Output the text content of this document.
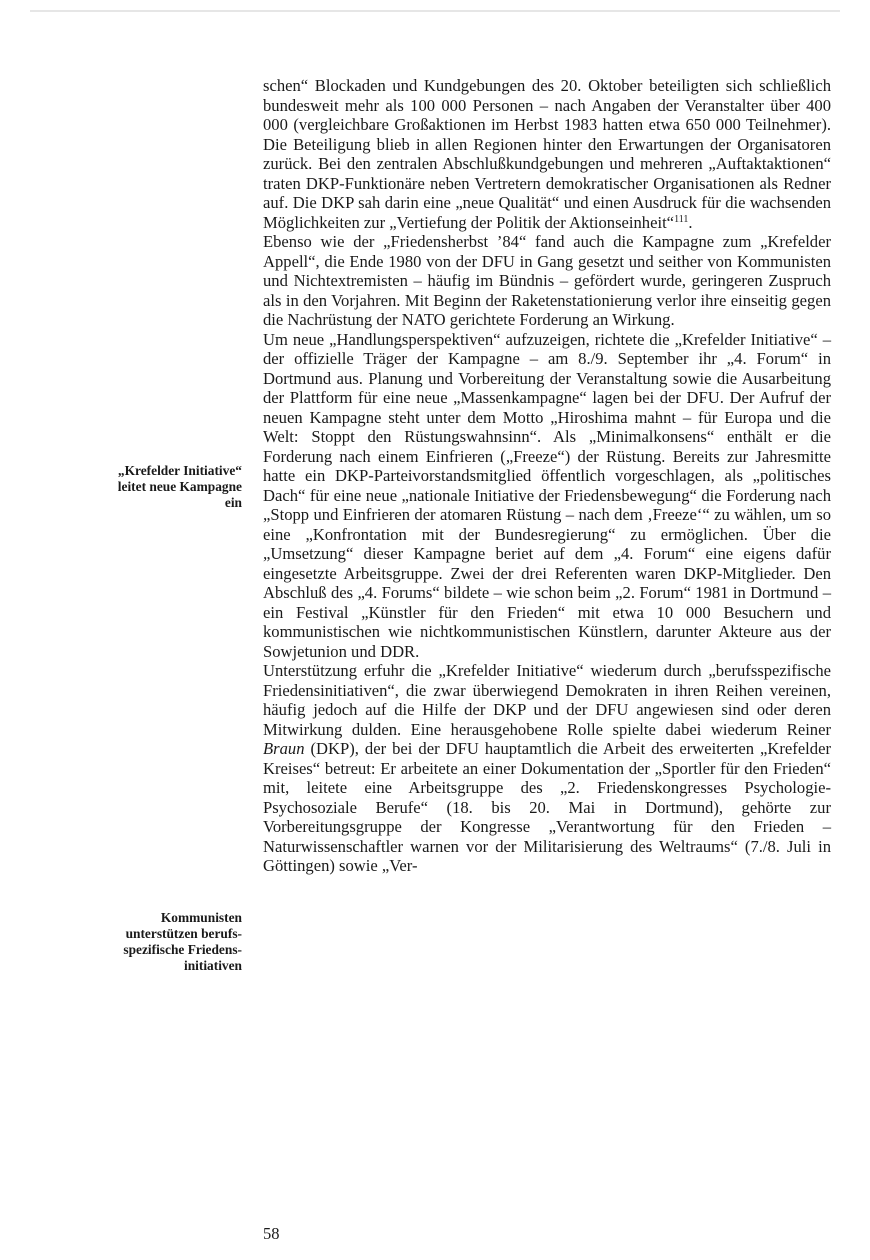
„Krefelder Initiative“
leitet neue Kampagne
ein
Kommunisten
unterstützen berufs-
spezifische Friedens-
initiativen

schen“ Blockaden und Kundgebungen des 20. Oktober beteiligten sich schließlich bundesweit mehr als 100 000 Personen – nach Angaben der Veranstalter über 400 000 (vergleichbare Großaktionen im Herbst 1983 hatten etwa 650 000 Teilnehmer). Die Beteiligung blieb in allen Regionen hinter den Erwartungen der Organisatoren zurück. Bei den zentralen Abschlußkundgebungen und mehreren „Auftaktaktionen“ traten DKP-Funktionäre neben Vertretern demokratischer Organisationen als Redner auf. Die DKP sah darin eine „neue Qualität“ und einen Ausdruck für die wachsenden Möglichkeiten zur „Vertiefung der Politik der Aktionseinheit“$^{111}$.

Ebenso wie der „Friedensherbst ’84“ fand auch die Kampagne zum „Krefelder Appell“, die Ende 1980 von der DFU in Gang gesetzt und seither von Kommunisten und Nichtextremisten – häufig im Bündnis – gefördert wurde, geringeren Zuspruch als in den Vorjahren. Mit Beginn der Raketenstationierung verlor ihre einseitig gegen die Nachrüstung der NATO gerichtete Forderung an Wirkung.

Um neue „Handlungsperspektiven“ aufzuzeigen, richtete die „Krefelder Initiative“ – der offizielle Träger der Kampagne – am 8./9. September ihr „4. Forum“ in Dortmund aus. Planung und Vorbereitung der Veranstaltung sowie die Ausarbeitung der Plattform für eine neue „Massenkampagne“ lagen bei der DFU. Der Aufruf der neuen Kampagne steht unter dem Motto „Hiroshima mahnt – für Europa und die Welt: Stoppt den Rüstungswahnsinn“. Als „Minimalkonsens“ enthält er die Forderung nach einem Einfrieren („Freeze“) der Rüstung. Bereits zur Jahresmitte hatte ein DKP-Parteivorstandsmitglied öffentlich vorgeschlagen, als „politisches Dach“ für eine neue „nationale Initiative der Friedensbewegung“ die Forderung nach „Stopp und Einfrieren der atomaren Rüstung – nach dem ‚Freeze‘“ zu wählen, um so eine „Konfrontation mit der Bundesregierung“ zu ermöglichen. Über die „Umsetzung“ dieser Kampagne beriet auf dem „4. Forum“ eine eigens dafür eingesetzte Arbeitsgruppe. Zwei der drei Referenten waren DKP-Mitglieder. Den Abschluß des „4. Forums“ bildete – wie schon beim „2. Forum“ 1981 in Dortmund – ein Festival „Künstler für den Frieden“ mit etwa 10 000 Besuchern und kommunistischen wie nichtkommunistischen Künstlern, darunter Akteure aus der Sowjetunion und DDR.

Unterstützung erfuhr die „Krefelder Initiative“ wiederum durch „berufsspezifische Friedensinitiativen“, die zwar überwiegend Demokraten in ihren Reihen vereinen, häufig jedoch auf die Hilfe der DKP und der DFU angewiesen sind oder deren Mitwirkung dulden. Eine herausgehobene Rolle spielte dabei wiederum Reiner Braun (DKP), der bei der DFU hauptamtlich die Arbeit des erweiterten „Krefelder Kreises“ betreut: Er arbeitete an einer Dokumentation der „Sportler für den Frieden“ mit, leitete eine Arbeitsgruppe des „2. Friedenskongresses Psychologie-Psychosoziale Berufe“ (18. bis 20. Mai in Dortmund), gehörte zur Vorbereitungsgruppe der Kongresse „Verantwortung für den Frieden – Naturwissenschaftler warnen vor der Militarisierung des Weltraums“ (7./8. Juli in Göttingen) sowie „Ver-

58
